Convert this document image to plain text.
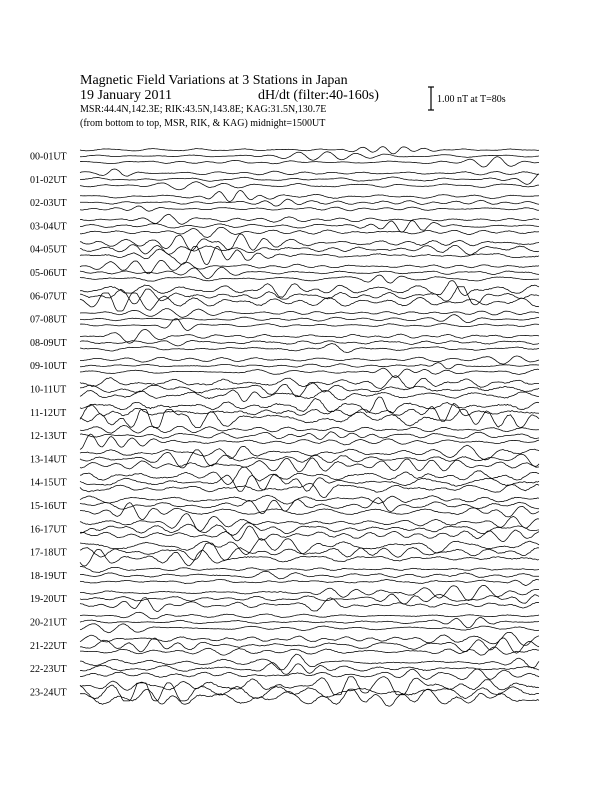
Magnetic Field Variations at 3 Stations in Japan
19 January 2011	dH/dt (filter:40-160s)
MSR:44.4N,142.3E; RIK:43.5N,143.8E; KAG:31.5N,130.7E
(from bottom to top, MSR, RIK, & KAG) midnight=1500UT
1.00 nT at T=80s
00-01UT
01-02UT
02-03UT
03-04UT
04-05UT
05-06UT
06-07UT
07-08UT
08-09UT
09-10UT
10-11UT
11-12UT
12-13UT
13-14UT
14-15UT
15-16UT
16-17UT
17-18UT
18-19UT
19-20UT
20-21UT
21-22UT
22-23UT
23-24UT
